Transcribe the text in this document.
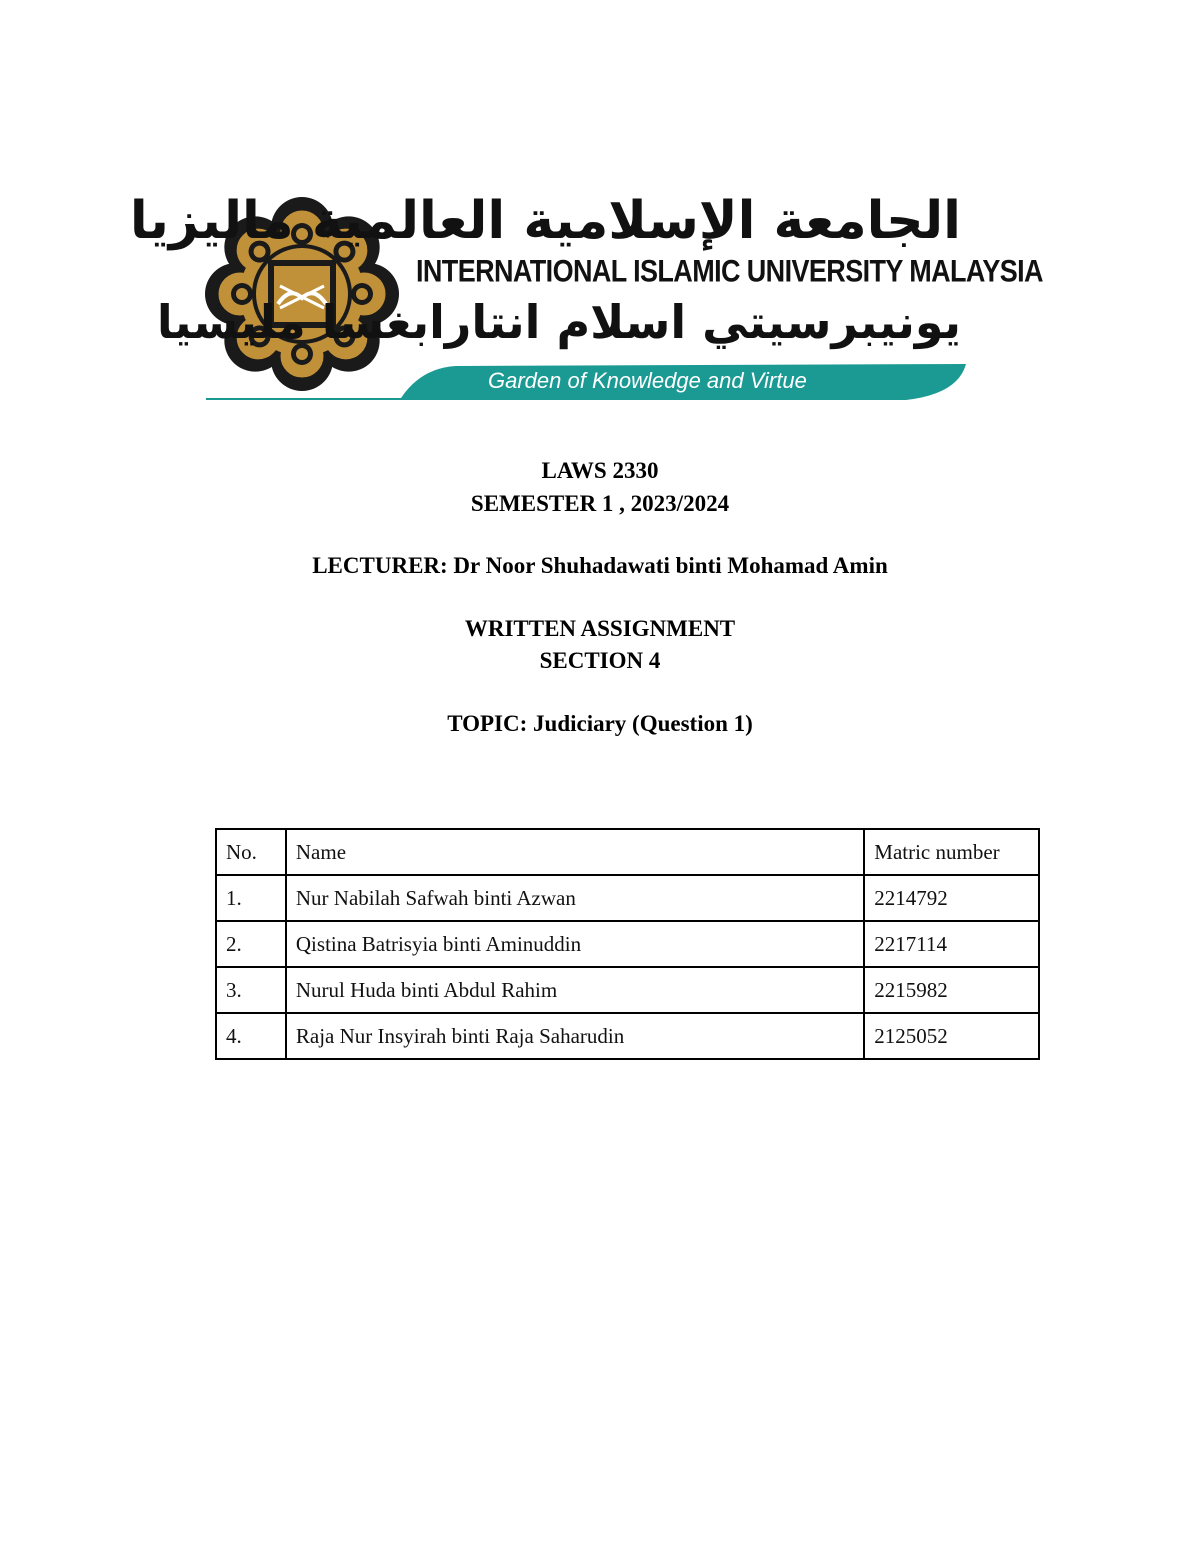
الجامعة الإسلامية العالمية ماليزيا
INTERNATIONAL ISLAMIC UNIVERSITY MALAYSIA
يونيبرسيتي اسلام انتارابغسا مليسيا
Garden of Knowledge and Virtue
LAWS 2330
SEMESTER 1 , 2023/2024
LECTURER: Dr Noor Shuhadawati binti Mohamad Amin
WRITTEN ASSIGNMENT
SECTION 4
TOPIC: Judiciary (Question 1)
No.	Name	Matric number
1.	Nur Nabilah Safwah binti Azwan	2214792
2.	Qistina Batrisyia binti Aminuddin	2217114
3.	Nurul Huda binti Abdul Rahim	2215982
4.	Raja Nur Insyirah binti Raja Saharudin	2125052
